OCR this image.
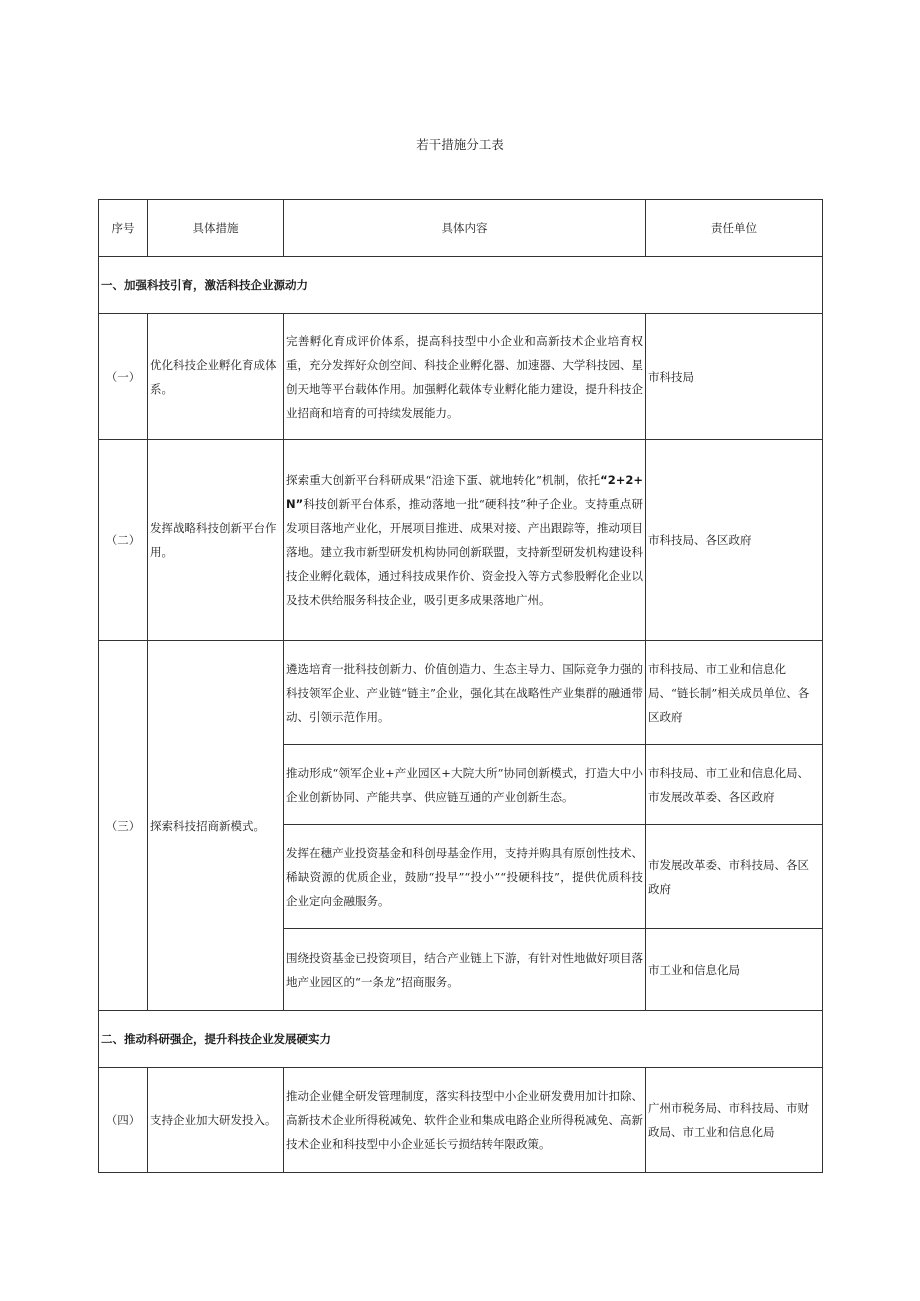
若干措施分工表
序号	具体措施	具体内容	责任单位
一、加强科技引育，激活科技企业源动力			
（一）	优化科技企业孵化育成体系。	完善孵化育成评价体系，提高科技型中小企业和高新技术企业培育权重，充分发挥好众创空间、科技企业孵化器、加速器、大学科技园、星创天地等平台载体作用。加强孵化载体专业孵化能力建设，提升科技企业招商和培育的可持续发展能力。	市科技局
（二）	发挥战略科技创新平台作用。	探索重大创新平台科研成果“沿途下蛋、就地转化”机制，依托“2+2+N”科技创新平台体系，推动落地一批“硬科技”种子企业。支持重点研发项目落地产业化，开展项目推进、成果对接、产出跟踪等，推动项目落地。建立我市新型研发机构协同创新联盟，支持新型研发机构建设科技企业孵化载体，通过科技成果作价、资金投入等方式参股孵化企业以及技术供给服务科技企业，吸引更多成果落地广州。	市科技局、各区政府
（三）	探索科技招商新模式。	遴选培育一批科技创新力、价值创造力、生态主导力、国际竞争力强的科技领军企业、产业链“链主”企业，强化其在战略性产业集群的融通带动、引领示范作用。	市科技局、市工业和信息化局、“链长制”相关成员单位、各区政府
		推动形成“领军企业+产业园区+大院大所”协同创新模式，打造大中小企业创新协同、产能共享、供应链互通的产业创新生态。	市科技局、市工业和信息化局、市发展改革委、各区政府
		发挥在穗产业投资基金和科创母基金作用，支持并购具有原创性技术、稀缺资源的优质企业，鼓励“投早”“投小”“投硬科技”，提供优质科技企业定向金融服务。	市发展改革委、市科技局、各区政府
		围绕投资基金已投资项目，结合产业链上下游，有针对性地做好项目落地产业园区的“一条龙”招商服务。	市工业和信息化局
二、推动科研强企，提升科技企业发展硬实力			
（四）	支持企业加大研发投入。	推动企业健全研发管理制度，落实科技型中小企业研发费用加计扣除、高新技术企业所得税减免、软件企业和集成电路企业所得税减免、高新技术企业和科技型中小企业延长亏损结转年限政策。	广州市税务局、市科技局、市财政局、市工业和信息化局
